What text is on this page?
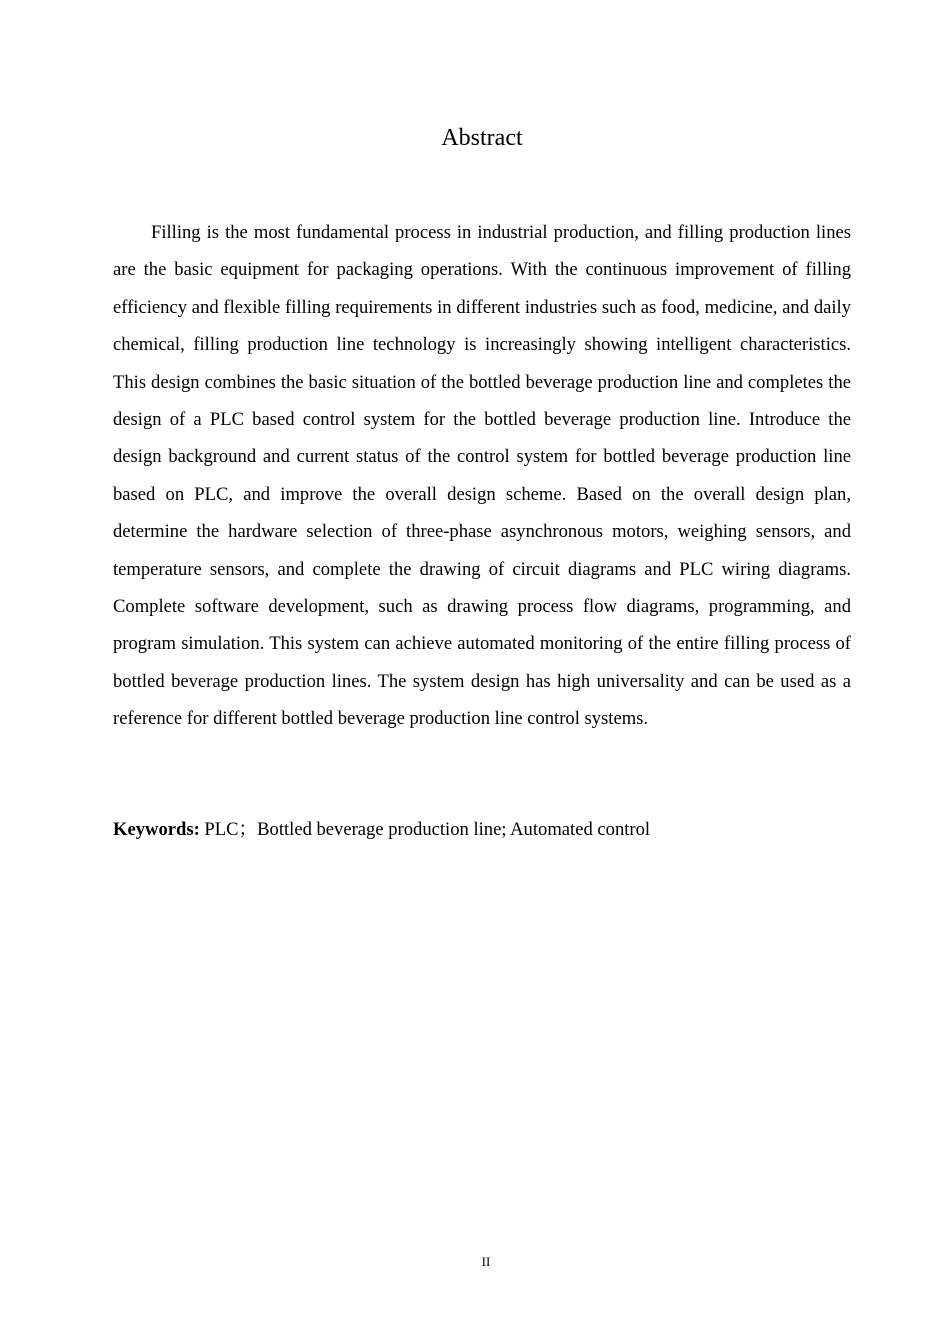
Abstract

Filling is the most fundamental process in industrial production, and filling production lines are the basic equipment for packaging operations. With the continuous improvement of filling efficiency and flexible filling requirements in different industries such as food, medicine, and daily chemical, filling production line technology is increasingly showing intelligent characteristics. This design combines the basic situation of the bottled beverage production line and completes the design of a PLC based control system for the bottled beverage production line. Introduce the design background and current status of the control system for bottled beverage production line based on PLC, and improve the overall design scheme. Based on the overall design plan, determine the hardware selection of three-phase asynchronous motors, weighing sensors, and temperature sensors, and complete the drawing of circuit diagrams and PLC wiring diagrams. Complete software development, such as drawing process flow diagrams, programming, and program simulation. This system can achieve automated monitoring of the entire filling process of bottled beverage production lines. The system design has high universality and can be used as a reference for different bottled beverage production line control systems.

Keywords: PLC；Bottled beverage production line; Automated control

II
